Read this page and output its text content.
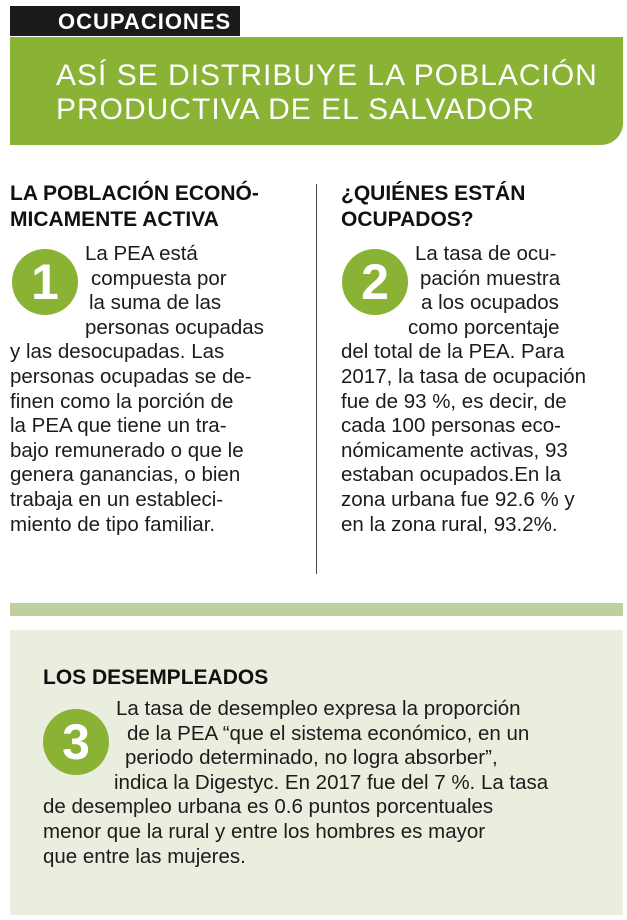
OCUPACIONES
ASÍ SE DISTRIBUYE LA POBLACIÓN
PRODUCTIVA DE EL SALVADOR
LA POBLACIÓN ECONÓ-
MICAMENTE ACTIVA
1
La PEA está
compuesta por
la suma de las
personas ocupadas
y las desocupadas. Las
personas ocupadas se de-
finen como la porción de
la PEA que tiene un tra-
bajo remunerado o que le
genera ganancias, o bien
trabaja en un estableci-
miento de tipo familiar.
¿QUIÉNES ESTÁN
OCUPADOS?
2
La tasa de ocu-
pación muestra
a los ocupados
como porcentaje
del total de la PEA. Para
2017, la tasa de ocupación
fue de 93 %, es decir, de
cada 100 personas eco-
nómicamente activas, 93
estaban ocupados.En la
zona urbana fue 92.6 % y
en la zona rural, 93.2%.
LOS DESEMPLEADOS
3
La tasa de desempleo expresa la proporción
de la PEA “que el sistema económico, en un
periodo determinado, no logra absorber”,
indica la Digestyc. En 2017 fue del 7 %. La tasa
de desempleo urbana es 0.6 puntos porcentuales
menor que la rural y entre los hombres es mayor
que entre las mujeres.
